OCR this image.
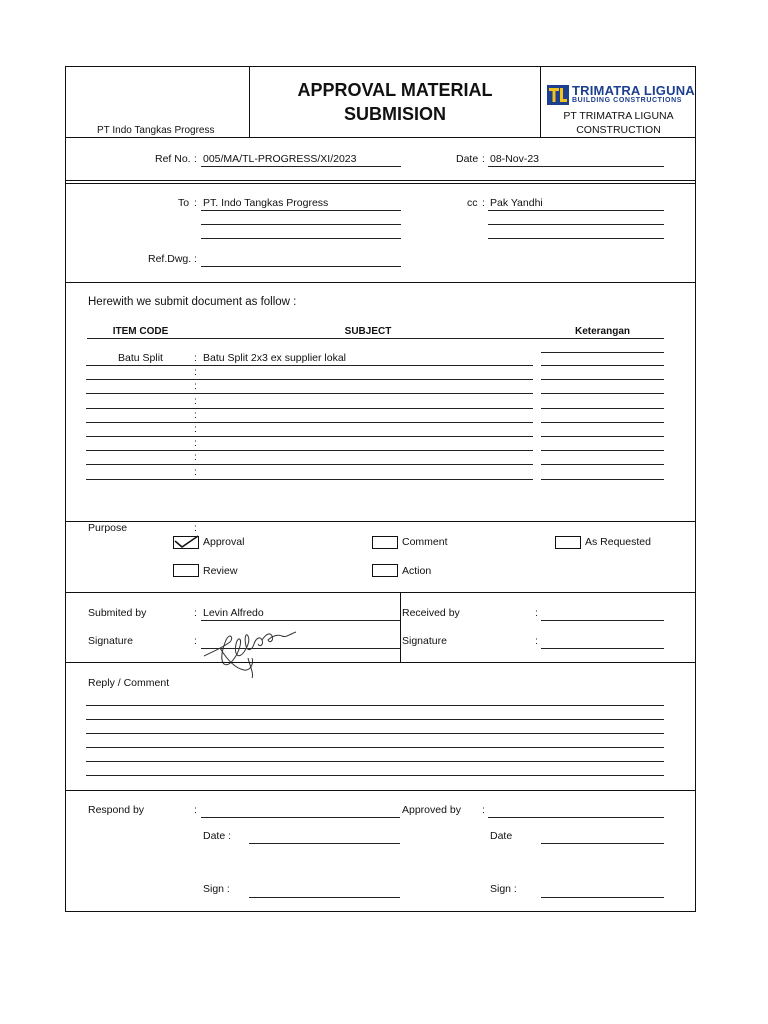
APPROVAL MATERIAL
SUBMISION
PT Indo Tangkas Progress
TRIMATRA LIGUNA
BUILDING CONSTRUCTIONS
PT TRIMATRA LIGUNA
CONSTRUCTION
Ref No. : 005/MA/TL-PROGRESS/XI/2023	Date : 08-Nov-23
To : PT. Indo Tangkas Progress	cc : Pak Yandhi
Ref.Dwg. :
Herewith we submit document as follow :
ITEM CODE	SUBJECT	Keterangan
Batu Split	: Batu Split 2x3 ex supplier lokal
:
:
:
:
:
:
:
:
Purpose	:
Approval	Comment	As Requested
Review	Action
Submited by	: Levin Alfredo
Signature	:
Received by	:
Signature	:
Reply / Comment
Respond by	:	Approved by :
Date :	Date
Sign :	Sign :
